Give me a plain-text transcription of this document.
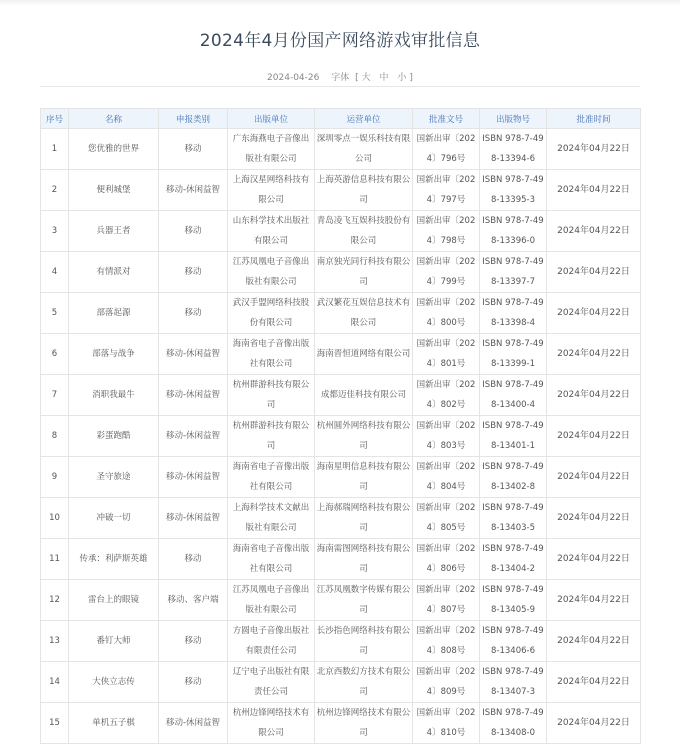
2024年4月份国产网络游戏审批信息
2024-04-26 字体 [ 大 中 小 ]
序号	名称	申报类别	出版单位	运营单位	批准文号	出版物号	批准时间
1	您优雅的世界	移动	广东海燕电子音像出版社有限公司	深圳零点一娱乐科技有限公司	国新出审〔2024〕796号	ISBN 978-7-498-13394-6	2024年04月22日
2	便利城堡	移动-休闲益智	上海汉星网络科技有限公司	上海英游信息科技有限公司	国新出审〔2024〕797号	ISBN 978-7-498-13395-3	2024年04月22日
3	兵器王者	移动	山东科学技术出版社有限公司	青岛凌飞互娱科技股份有限公司	国新出审〔2024〕798号	ISBN 978-7-498-13396-0	2024年04月22日
4	有情派对	移动	江苏凤凰电子音像出版社有限公司	南京独光同行科技有限公司	国新出审〔2024〕799号	ISBN 978-7-498-13397-7	2024年04月22日
5	部落起源	移动	武汉手盟网络科技股份有限公司	武汉繁花互娱信息技术有限公司	国新出审〔2024〕800号	ISBN 978-7-498-13398-4	2024年04月22日
6	部落与战争	移动-休闲益智	海南省电子音像出版社有限公司	海南晋恒道网络有限公司	国新出审〔2024〕801号	ISBN 978-7-498-13399-1	2024年04月22日
7	消职我最牛	移动-休闲益智	杭州群游科技有限公司	成都迈佳科技有限公司	国新出审〔2024〕802号	ISBN 978-7-498-13400-4	2024年04月22日
8	彩蛋跑酷	移动-休闲益智	杭州群游科技有限公司	杭州圆外网络科技有限公司	国新出审〔2024〕803号	ISBN 978-7-498-13401-1	2024年04月22日
9	圣守旅途	移动-休闲益智	海南省电子音像出版社有限公司	海南星明信息科技有限公司	国新出审〔2024〕804号	ISBN 978-7-498-13402-8	2024年04月22日
10	冲破一切	移动-休闲益智	上海科学技术文献出版社有限公司	上海郝瑞网络科技有限公司	国新出审〔2024〕805号	ISBN 978-7-498-13403-5	2024年04月22日
11	传承：利萨斯英雄	移动	海南省电子音像出版社有限公司	海南需图网络科技有限公司	国新出审〔2024〕806号	ISBN 978-7-498-13404-2	2024年04月22日
12	雷台上的眼镜	移动、客户端	江苏凤凰电子音像出版社有限公司	江苏凤凰数字传媒有限公司	国新出审〔2024〕807号	ISBN 978-7-498-13405-9	2024年04月22日
13	番钉大师	移动	方圆电子音像出版社有限责任公司	长沙指色网络科技有限公司	国新出审〔2024〕808号	ISBN 978-7-498-13406-6	2024年04月22日
14	大侠立志传	移动	辽宁电子出版社有限责任公司	北京西数幻方技术有限公司	国新出审〔2024〕809号	ISBN 978-7-498-13407-3	2024年04月22日
15	单机五子棋	移动-休闲益智	杭州边锋网络技术有限公司	杭州边锋网络技术有限公司	国新出审〔2024〕810号	ISBN 978-7-498-13408-0	2024年04月22日
